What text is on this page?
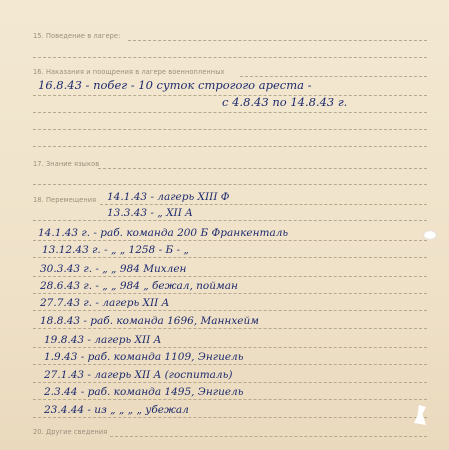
15. Поведение в лагере:
16. Наказания и поощрения в лагере военнопленных
16.8.43 - побег - 10 суток строгого ареста -
с 4.8.43 по 14.8.43 г.
17. Знание языков
18. Перемещения 14.1.43 - лагерь XIII Ф
13.3.43 - „ XII A
14.1.43 г. - раб. команда 200 Б Франкенталь
13.12.43 г. - „ „ 1258 - Б - „
30.3.43 г. - „ „ 984 Михлен
28.6.43 г. - „ „ 984 „ бежал, пойман
27.7.43 г. - лагерь XII A
18.8.43 - раб. команда 1696, Маннхейм
19.8.43 - лагерь XII A
1.9.43 - раб. команда 1109, Энгиель
27.1.43 - лагерь XII A (госпиталь)
2.3.44 - раб. команда 1495, Энгиель
23.4.44 - из „ „ „ „ убежал
20. Другие сведения
